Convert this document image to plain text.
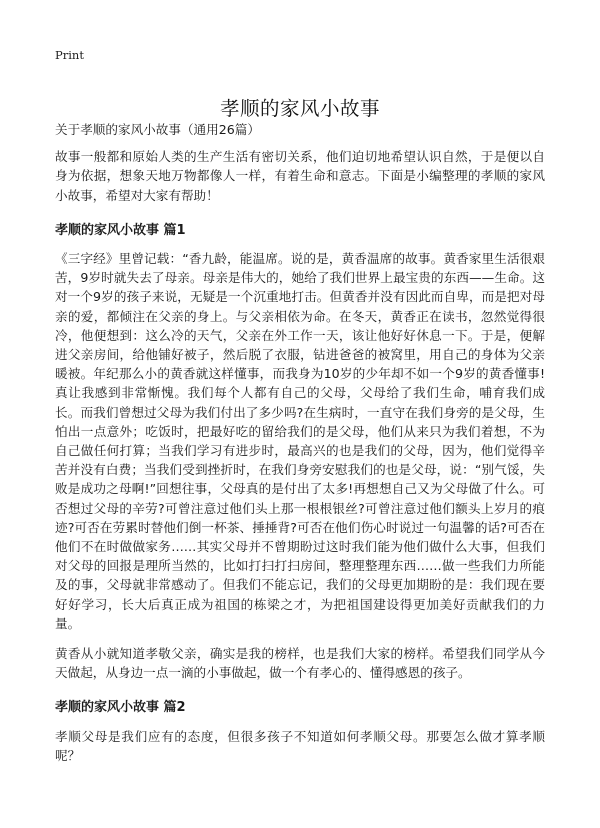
Print
孝顺的家风小故事

关于孝顺的家风小故事（通用26篇）

故事一般都和原始人类的生产生活有密切关系，他们迫切地希望认识自然，于是便以自身为依据，想象天地万物都像人一样，有着生命和意志。下面是小编整理的孝顺的家风小故事，希望对大家有帮助！

孝顺的家风小故事 篇1

《三字经》里曾记载：“香九龄，能温席。说的是，黄香温席的故事。黄香家里生活很艰苦，9岁时就失去了母亲。母亲是伟大的，她给了我们世界上最宝贵的东西——生命。这对一个9岁的孩子来说，无疑是一个沉重地打击。但黄香并没有因此而自卑，而是把对母亲的爱，都倾注在父亲的身上。与父亲相依为命。在冬天，黄香正在读书，忽然觉得很冷，他便想到：这么冷的天气，父亲在外工作一天，该让他好好休息一下。于是，便解进父亲房间，给他铺好被子，然后脱了衣服，钻进爸爸的被窝里，用自己的身体为父亲暖被。年纪那么小的黄香就这样懂事，而我身为10岁的少年却不如一个9岁的黄香懂事!真让我感到非常惭愧。我们每个人都有自己的父母，父母给了我们生命，哺育我们成长。而我们曾想过父母为我们付出了多少吗?在生病时，一直守在我们身旁的是父母，生怕出一点意外；吃饭时，把最好吃的留给我们的是父母，他们从来只为我们着想，不为自己做任何打算；当我们学习有进步时，最高兴的也是我们的父母，因为，他们觉得辛苦并没有白费；当我们受到挫折时，在我们身旁安慰我们的也是父母，说：“别气馁，失败是成功之母啊!”回想往事，父母真的是付出了太多!再想想自己又为父母做了什么。可否想过父母的辛劳?可曾注意过他们头上那一根根银丝?可曾注意过他们额头上岁月的痕迹?可否在劳累时替他们倒一杯茶、捶捶背?可否在他们伤心时说过一句温馨的话?可否在他们不在时做做家务……其实父母并不曾期盼过这时我们能为他们做什么大事，但我们对父母的回报是理所当然的，比如打扫打扫房间，整理整理东西……做一些我们力所能及的事，父母就非常感动了。但我们不能忘记，我们的父母更加期盼的是：我们现在要好好学习，长大后真正成为祖国的栋梁之才，为把祖国建设得更加美好贡献我们的力量。

黄香从小就知道孝敬父亲，确实是我的榜样，也是我们大家的榜样。希望我们同学从今天做起，从身边一点一滴的小事做起，做一个有孝心的、懂得感恩的孩子。

孝顺的家风小故事 篇2

孝顺父母是我们应有的态度，但很多孩子不知道如何孝顺父母。那要怎么做才算孝顺呢？
